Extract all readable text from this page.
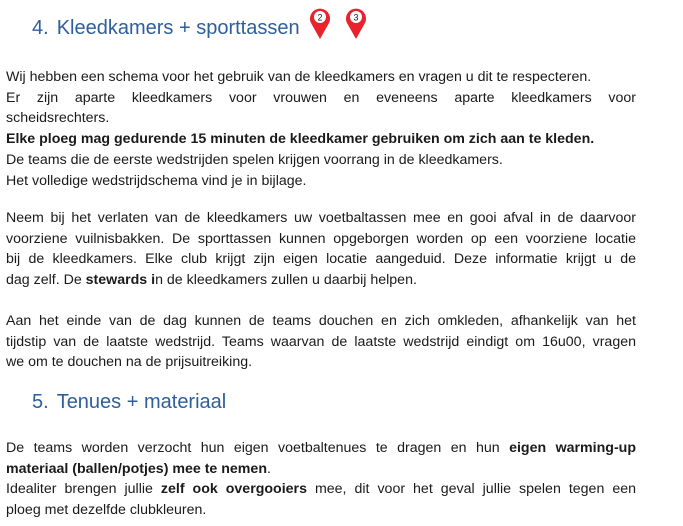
4. Kleedkamers + sporttassen 2	3
Wij hebben een schema voor het gebruik van de kleedkamers en vragen u dit te respecteren.
Er zijn aparte kleedkamers voor vrouwen en eveneens aparte kleedkamers voor
scheidsrechters.
Elke ploeg mag gedurende 15 minuten de kleedkamer gebruiken om zich aan te kleden.
De teams die de eerste wedstrijden spelen krijgen voorrang in de kleedkamers.
Het volledige wedstrijdschema vind je in bijlage.
Neem bij het verlaten van de kleedkamers uw voetbaltassen mee en gooi afval in de daarvoor
voorziene vuilnisbakken. De sporttassen kunnen opgeborgen worden op een voorziene locatie
bij de kleedkamers. Elke club krijgt zijn eigen locatie aangeduid. Deze informatie krijgt u de
dag zelf. De stewards in de kleedkamers zullen u daarbij helpen.
Aan het einde van de dag kunnen de teams douchen en zich omkleden, afhankelijk van het
tijdstip van de laatste wedstrijd. Teams waarvan de laatste wedstrijd eindigt om 16u00, vragen
we om te douchen na de prijsuitreiking.
5. Tenues + materiaal
De teams worden verzocht hun eigen voetbaltenues te dragen en hun eigen warming-up
materiaal (ballen/potjes) mee te nemen.
Idealiter brengen jullie zelf ook overgooiers mee, dit voor het geval jullie spelen tegen een
ploeg met dezelfde clubkleuren.
